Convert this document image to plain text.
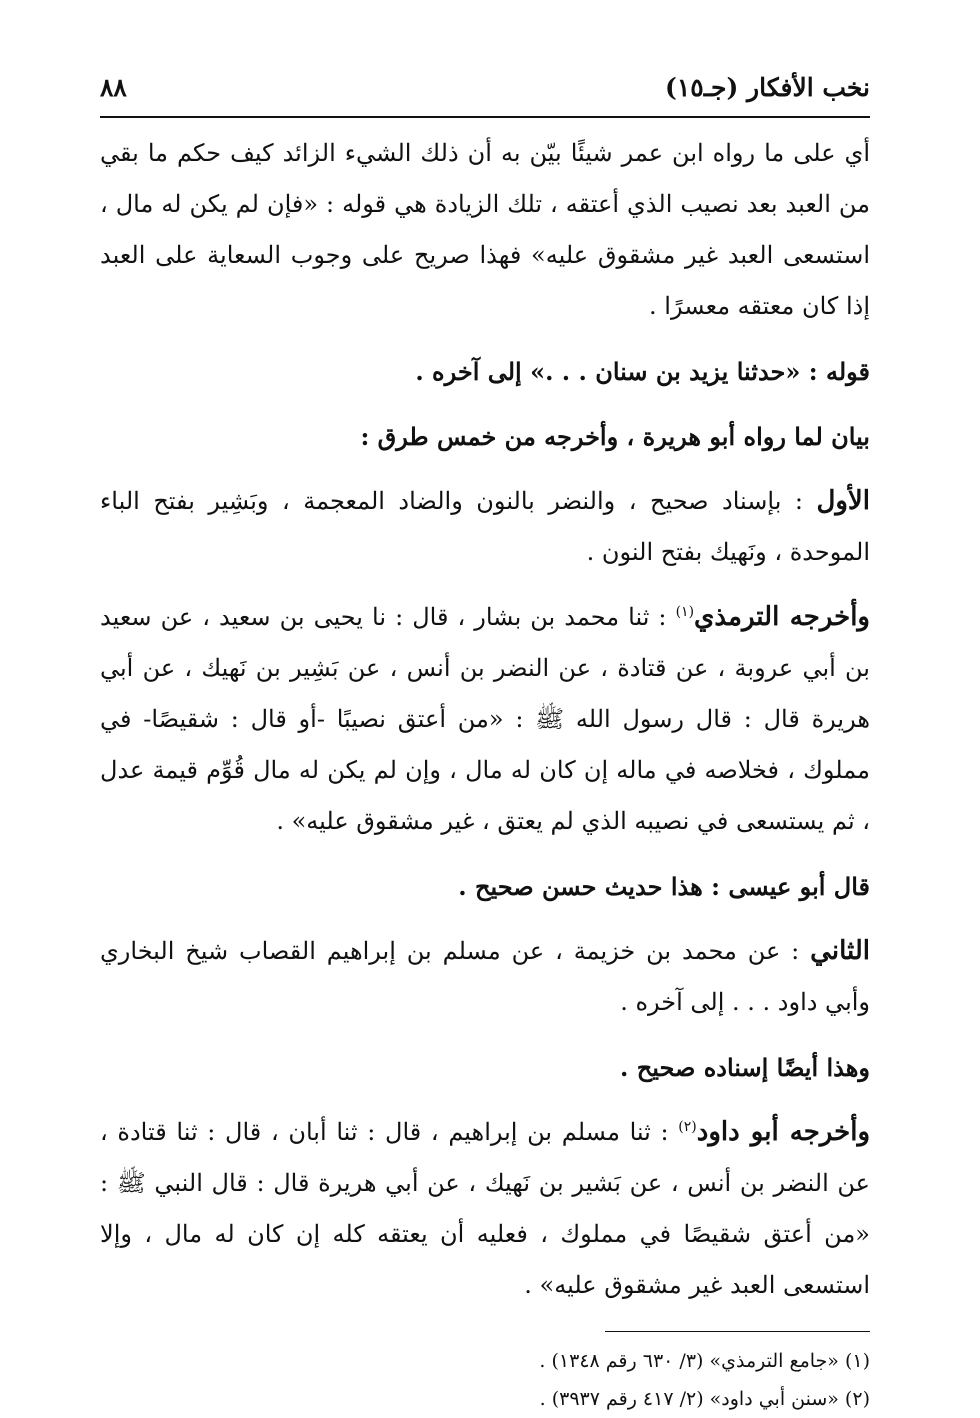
نخب الأفكار (جـ١٥)
٨٨

أي على ما رواه ابن عمر شيئًا بيّن به أن ذلك الشيء الزائد كيف حكم ما بقي من العبد بعد نصيب الذي أعتقه ، تلك الزيادة هي قوله : «فإن لم يكن له مال ، استسعى العبد غير مشقوق عليه» فهذا صريح على وجوب السعاية على العبد إذا كان معتقه معسرًا .

قوله : «حدثنا يزيد بن سنان . . .» إلى آخره .

بيان لما رواه أبو هريرة ، وأخرجه من خمس طرق :

الأول : بإسناد صحيح ، والنضر بالنون والضاد المعجمة ، وبَشِير بفتح الباء الموحدة ، ونَهيك بفتح النون .

وأخرجه الترمذي$^{(١)}$ : ثنا محمد بن بشار ، قال : نا يحيى بن سعيد ، عن سعيد بن أبي عروبة ، عن قتادة ، عن النضر بن أنس ، عن بَشِير بن نَهيك ، عن أبي هريرة قال : قال رسول الله ﷺ : «من أعتق نصيبًا -أو قال : شقيصًا- في مملوك ، فخلاصه في ماله إن كان له مال ، وإن لم يكن له مال قُوِّم قيمة عدل ، ثم يستسعى في نصيبه الذي لم يعتق ، غير مشقوق عليه» .

قال أبو عيسى : هذا حديث حسن صحيح .

الثاني : عن محمد بن خزيمة ، عن مسلم بن إبراهيم القصاب شيخ البخاري وأبي داود . . . إلى آخره .

وهذا أيضًا إسناده صحيح .

وأخرجه أبو داود$^{(٢)}$ : ثنا مسلم بن إبراهيم ، قال : ثنا أبان ، قال : ثنا قتادة ، عن النضر بن أنس ، عن بَشير بن نَهيك ، عن أبي هريرة قال : قال النبي ﷺ : «من أعتق شقيصًا في مملوك ، فعليه أن يعتقه كله إن كان له مال ، وإلا استسعى العبد غير مشقوق عليه» .

(١) «جامع الترمذي» (٣/ ٦٣٠ رقم ١٣٤٨) .

(٢) «سنن أبي داود» (٢/ ٤١٧ رقم ٣٩٣٧) .
